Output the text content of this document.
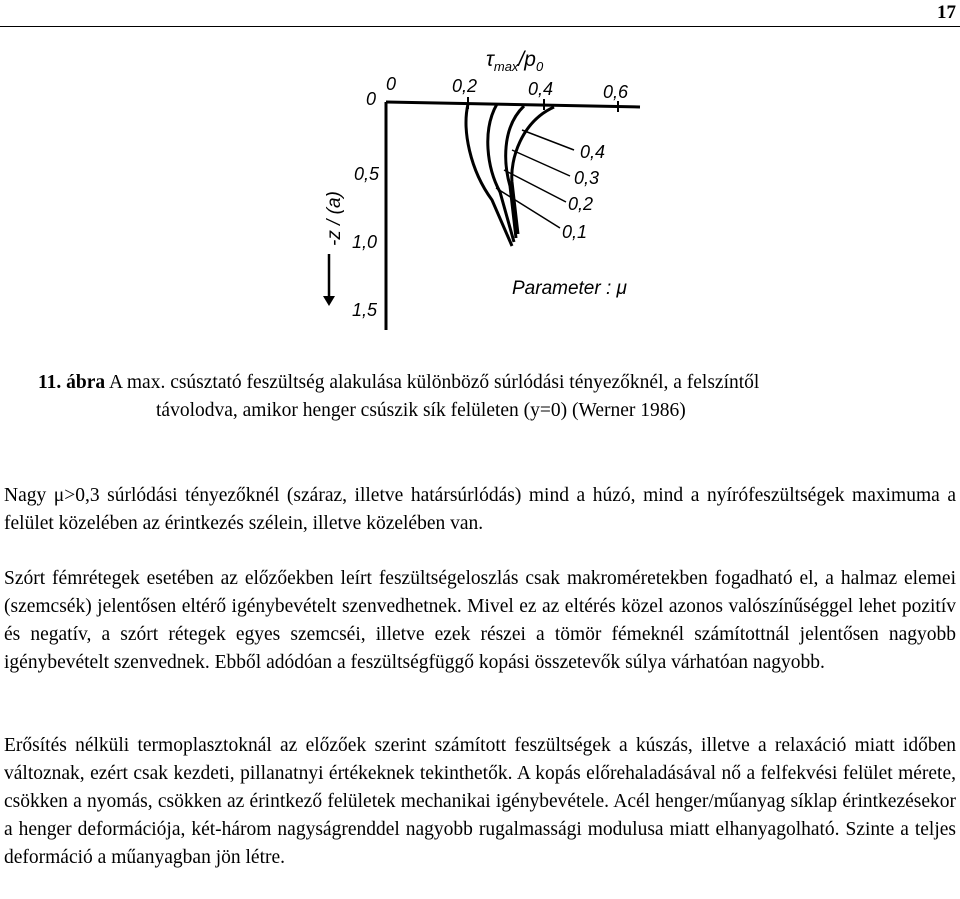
17
$\tau_{max}/p_0$
0	0,2	0,4	0,6
0
0,5
1,0
1,5
-z / (a)
0,4
0,3
0,2
0,1
Parameter : μ
11. ábra A max. csúsztató feszültség alakulása különböző súrlódási tényezőknél, a felszíntől
távolodva, amikor henger csúszik sík felületen (y=0) (Werner 1986)

Nagy μ>0,3 súrlódási tényezőknél (száraz, illetve határsúrlódás) mind a húzó, mind a nyírófeszültségek maximuma a felület közelében az érintkezés szélein, illetve közelében van.

Szórt fémrétegek esetében az előzőekben leírt feszültségeloszlás csak makroméretekben fogadható el, a halmaz elemei (szemcsék) jelentősen eltérő igénybevételt szenvedhetnek. Mivel ez az eltérés közel azonos valószínűséggel lehet pozitív és negatív, a szórt rétegek egyes szemcséi, illetve ezek részei a tömör fémeknél számítottnál jelentősen nagyobb igénybevételt szenvednek. Ebből adódóan a feszültségfüggő kopási összetevők súlya várhatóan nagyobb.

Erősítés nélküli termoplasztoknál az előzőek szerint számított feszültségek a kúszás, illetve a relaxáció miatt időben változnak, ezért csak kezdeti, pillanatnyi értékeknek tekinthetők. A kopás előrehaladásával nő a felfekvési felület mérete, csökken a nyomás, csökken az érintkező felületek mechanikai igénybevétele. Acél henger/műanyag síklap érintkezésekor a henger deformációja, két-három nagyságrenddel nagyobb rugalmassági modulusa miatt elhanyagolható. Szinte a teljes deformáció a műanyagban jön létre.
